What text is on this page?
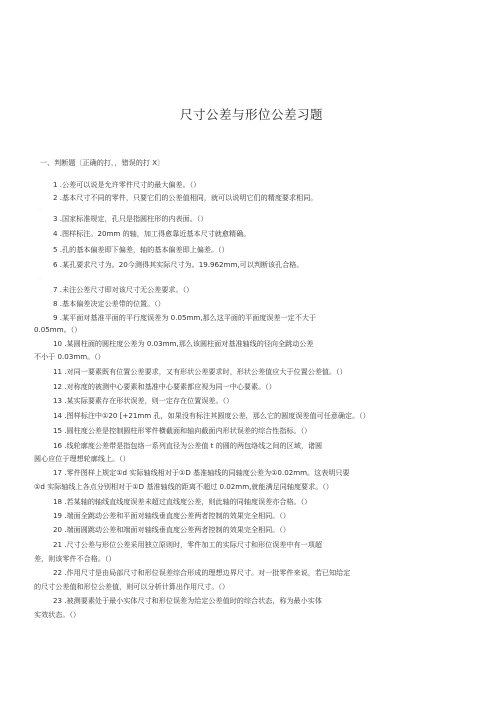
尺寸公差与形位公差习题
一、判断题〔正确的打，，错误的打 X〕
1 .公差可以说是允许零件尺寸的最大偏差。（）
2 .基本尺寸不同的零件，只要它们的公差值相同，就可以说明它们的精度要求相同。
··
3 .国家标准规定，孔只是指圆柱形的内表面。（）
4 .图样标注。20mm 的轴，加工得愈靠近基本尺寸就愈精确。
5 .孔的基本偏差即下偏差，轴的基本偏差即上偏差。（）
6 .某孔要求尺寸为。20今测得其实际尺寸为。19.962mm,可以判断该孔合格。
··
7 .未注公差尺寸即对该尺寸无公差要求。（）
8 .基本偏差决定公差带的位置。（）
9 .某平面对基准平面的平行度误差为 0.05mm,那么这平面的平面度误差一定不大于
0.05mm。（）
10 .某圆柱面的圆柱度公差为 0.03mm,那么该圆柱面对基准轴线的径向全跳动公差
不小于 0.03mm。（）
11 .对同一要素既有位置公差要求，又有形状公差要求时，形状公差值应大于位置公差值。（）
12 .对称度的被测中心要素和基准中心要素都应视为同一中心要素。（）
13 .某实际要素存在形状误差，则一定存在位置误差。（）
14 .图样标注中①20 [+21mm 孔，如果没有标注其圆度公差，那么它的圆度误差值可任意确定。（）
15 .圆柱度公差是控制圆柱形零件横截面和轴向截面内形状误差的综合性指标。（）
16 .线轮廓度公差带是指包络一系列直径为公差值 t 的圆的两包络线之间的区域，诸圆
圆心应位于理想轮廓线上。（）
17 .零件图样上规定①d 实际轴线相对于①D 基准轴线的同轴度公差为①0.02mm。这表明只要
①d 实际轴线上各点分别相对于①D 基准轴线的距离不超过 0.02mm,就能满足同轴度要求。（）
18 .若某轴的轴线直线度误差未超过直线度公差，则此轴的同轴度误差亦合格。（）
19 .端面全跳动公差和平面对轴线垂直度公差两者控制的效果完全相同。（）
20 .端面圆跳动公差和端面对轴线垂直度公差两者控制的效果完全相同。（）
21 .尺寸公差与形位公差采用独立原则时，零件加工的实际尺寸和形位误差中有一项超
差，则该零件不合格。（）
22 .作用尺寸是由局部尺寸和形位误差综合形成的理想边界尺寸。对一批零件来说，若已知给定
的尺寸公差值和形位公差值，则可以分析计算出作用尺寸。（）
23 .被测要素处于最小实体尺寸和形位误差为给定公差值时的综合状态，称为最小实体
实效状态。（）
